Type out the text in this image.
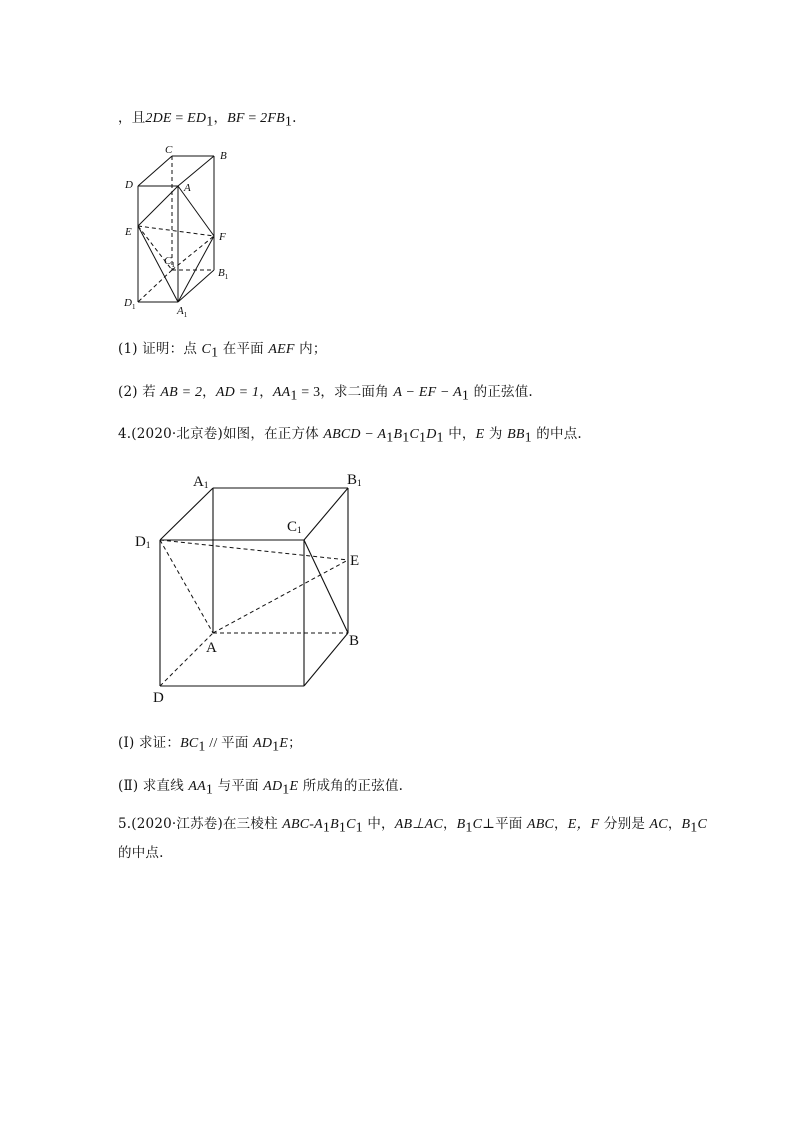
，且$2DE = ED_1$，BF = $2FB_1$.
C	B
D	A
E	F
$C_1$
$B_1$
$D_1$	$A_1$
(1) 证明：点 $C_1$ 在平面 AEF 内；
(2) 若 AB = 2，AD = 1，$AA_1 = 3$，求二面角 A − EF − $A_1$ 的正弦值.
4.(2020·北京卷)如图，在正方体 ABCD − $A_1B_1C_1D_1$ 中，E 为 $BB_1$ 的中点.
A1	B1
C1
D1
E
A	B
D
(Ⅰ) 求证：$BC_1$ // 平面 $AD_1E$；
(Ⅱ) 求直线 $AA_1$ 与平面 $AD_1E$ 所成角的正弦值.
5.(2020·江苏卷)在三棱柱 ABC-$A_1B_1C_1$ 中，AB⊥AC，$B_1C\perp$平面 ABC，E，F 分别是 AC，$B_1C$
的中点.
